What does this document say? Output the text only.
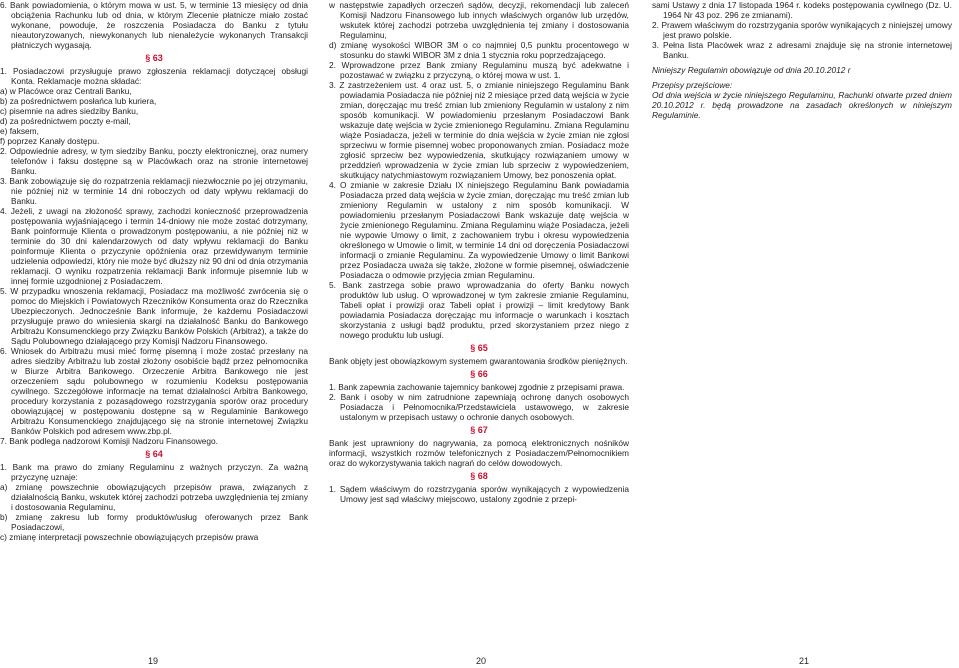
6. Bank powiadomienia, o którym mowa w ust. 5, w terminie 13 miesięcy od dnia obciążenia Rachunku lub od dnia, w którym Zlecenie płatnicze miało zostać wykonane, powoduje, że roszczenia Posiadacza do Banku z tytułu nieautoryzowanych, niewykonanych lub nienależycie wykonanych Transakcji płatniczych wygasają.

§ 63

1. Posiadaczowi przysługuje prawo zgłoszenia reklamacji dotyczącej obsługi Konta. Reklamacje można składać:

a) w Placówce oraz Centrali Banku,

b) za pośrednictwem posłańca lub kuriera,

c) pisemnie na adres siedziby Banku,

d) za pośrednictwem poczty e-mail,

e) faksem,

f) poprzez Kanały dostępu.

2. Odpowiednie adresy, w tym siedziby Banku, poczty elektronicznej, oraz numery telefonów i faksu dostępne są w Placówkach oraz na stronie internetowej Banku.

3. Bank zobowiązuje się do rozpatrzenia reklamacji niezwłocznie po jej otrzymaniu, nie później niż w terminie 14 dni roboczych od daty wpływu reklamacji do Banku.

4. Jeżeli, z uwagi na złożoność sprawy, zachodzi konieczność przeprowadzenia postępowania wyjaśniającego i termin 14-dniowy nie może zostać dotrzymany, Bank poinformuje Klienta o prowadzonym postępowaniu, a nie później niż w terminie do 30 dni kalendarzowych od daty wpływu reklamacji do Banku poinformuje Klienta o przyczynie opóźnienia oraz przewidywanym terminie udzielenia odpowiedzi, który nie może być dłuższy niż 90 dni od dnia otrzymania reklamacji. O wyniku rozpatrzenia reklamacji Bank informuje pisemnie lub w innej formie uzgodnionej z Posiadaczem.

5. W przypadku wnoszenia reklamacji, Posiadacz ma możliwość zwrócenia się o pomoc do Miejskich i Powiatowych Rzeczników Konsumenta oraz do Rzecznika Ubezpieczonych. Jednocześnie Bank informuje, że każdemu Posiadaczowi przysługuje prawo do wniesienia skargi na działalność Banku do Bankowego Arbitrażu Konsumenckiego przy Związku Banków Polskich (Arbitraż), a także do Sądu Polubownego działającego przy Komisji Nadzoru Finansowego.

6. Wniosek do Arbitrażu musi mieć formę pisemną i może zostać przesłany na adres siedziby Arbitrażu lub został złożony osobiście bądź przez pełnomocnika w Biurze Arbitra Bankowego. Orzeczenie Arbitra Bankowego nie jest orzeczeniem sądu polubownego w rozumieniu Kodeksu postępowania cywilnego. Szczegółowe informacje na temat działalności Arbitra Bankowego, procedury korzystania z pozasądowego rozstrzygania sporów oraz procedury obowiązującej w postępowaniu dostępne są w Regulaminie Bankowego Arbitrażu Konsumenckiego znajdującego się na stronie internetowej Związku Banków Polskich pod adresem www.zbp.pl.

7. Bank podlega nadzorowi Komisji Nadzoru Finansowego.

§ 64

1. Bank ma prawo do zmiany Regulaminu z ważnych przyczyn. Za ważną przyczynę uznaje:

a) zmianę powszechnie obowiązujących przepisów prawa, związanych z działalnością Banku, wskutek której zachodzi potrzeba uwzględnienia tej zmiany i dostosowania Regulaminu,

b) zmianę zakresu lub formy produktów/usług oferowanych przez Bank Posiadaczowi,

c) zmianę interpretacji powszechnie obowiązujących przepisów prawa

w następstwie zapadłych orzeczeń sądów, decyzji, rekomendacji lub zaleceń Komisji Nadzoru Finansowego lub innych właściwych organów lub urzędów, wskutek której zachodzi potrzeba uwzględnienia tej zmiany i dostosowania Regulaminu,

d) zmianę wysokości WIBOR 3M o co najmniej 0,5 punktu procentowego w stosunku do stawki WIBOR 3M z dnia 1 stycznia roku poprzedzającego.

2. Wprowadzone przez Bank zmiany Regulaminu muszą być adekwatne i pozostawać w związku z przyczyną, o której mowa w ust. 1.

3. Z zastrzeżeniem ust. 4 oraz ust. 5, o zmianie niniejszego Regulaminu Bank powiadamia Posiadacza nie później niż 2 miesiące przed datą wejścia w życie zmian, doręczając mu treść zmian lub zmieniony Regulamin w ustalony z nim sposób komunikacji. W powiadomieniu przesłanym Posiadaczowi Bank wskazuje datę wejścia w życie zmienionego Regulaminu. Zmiana Regulaminu wiąże Posiadacza, jeżeli w terminie do dnia wejścia w życie zmian nie zgłosi sprzeciwu w formie pisemnej wobec proponowanych zmian. Posiadacz może zgłosić sprzeciw bez wypowiedzenia, skutkujący rozwiązaniem umowy w przeddzień wprowadzenia w życie zmian lub sprzeciw z wypowiedzeniem, skutkujący natychmiastowym rozwiązaniem Umowy, bez ponoszenia opłat.

4. O zmianie w zakresie Działu IX niniejszego Regulaminu Bank powiadamia Posiadacza przed datą wejścia w życie zmian, doręczając mu treść zmian lub zmieniony Regulamin w ustalony z nim sposób komunikacji. W powiadomieniu przesłanym Posiadaczowi Bank wskazuje datę wejścia w życie zmienionego Regulaminu. Zmiana Regulaminu wiąże Posiadacza, jeżeli nie wypowie Umowy o limit, z zachowaniem trybu i okresu wypowiedzenia określonego w Umowie o limit, w terminie 14 dni od doręczenia Posiadaczowi informacji o zmianie Regulaminu. Za wypowiedzenie Umowy o limit Bankowi przez Posiadacza uważa się także, złożone w formie pisemnej, oświadczenie Posiadacza o odmowie przyjęcia zmian Regulaminu.

5. Bank zastrzega sobie prawo wprowadzania do oferty Banku nowych produktów lub usług. O wprowadzonej w tym zakresie zmianie Regulaminu, Tabeli opłat i prowizji oraz Tabeli opłat i prowizji – limit kredytowy Bank powiadamia Posiadacza doręczając mu informacje o warunkach i kosztach skorzystania z usługi bądź produktu, przed skorzystaniem przez niego z nowego produktu lub usługi.

§ 65

Bank objęty jest obowiązkowym systemem gwarantowania środków pieniężnych.

§ 66

1. Bank zapewnia zachowanie tajemnicy bankowej zgodnie z przepisami prawa.

2. Bank i osoby w nim zatrudnione zapewniają ochronę danych osobowych Posiadacza i Pełnomocnika/Przedstawiciela ustawowego, w zakresie ustalonym w przepisach ustawy o ochronie danych osobowych.

§ 67

Bank jest uprawniony do nagrywania, za pomocą elektronicznych nośników informacji, wszystkich rozmów telefonicznych z Posiadaczem/Pełnomocnikiem oraz do wykorzystywania takich nagrań do celów dowodowych.

§ 68

1. Sądem właściwym do rozstrzygania sporów wynikających z wypowiedzenia Umowy jest sąd właściwy miejscowo, ustalony zgodnie z przepi-

sami Ustawy z dnia 17 listopada 1964 r. kodeks postępowania cywilnego (Dz. U. 1964 Nr 43 poz. 296 ze zmianami).

2. Prawem właściwym do rozstrzygania sporów wynikających z niniejszej umowy jest prawo polskie.

3. Pełna lista Placówek wraz z adresami znajduje się na stronie internetowej Banku.

Niniejszy Regulamin obowiązuje od dnia 20.10.2012 r

Przepisy przejściowe:

Od dnia wejścia w życie niniejszego Regulaminu, Rachunki otwarte przed dniem 20.10.2012 r. będą prowadzone na zasadach określonych w niniejszym Regulaminie.

19	20	21
